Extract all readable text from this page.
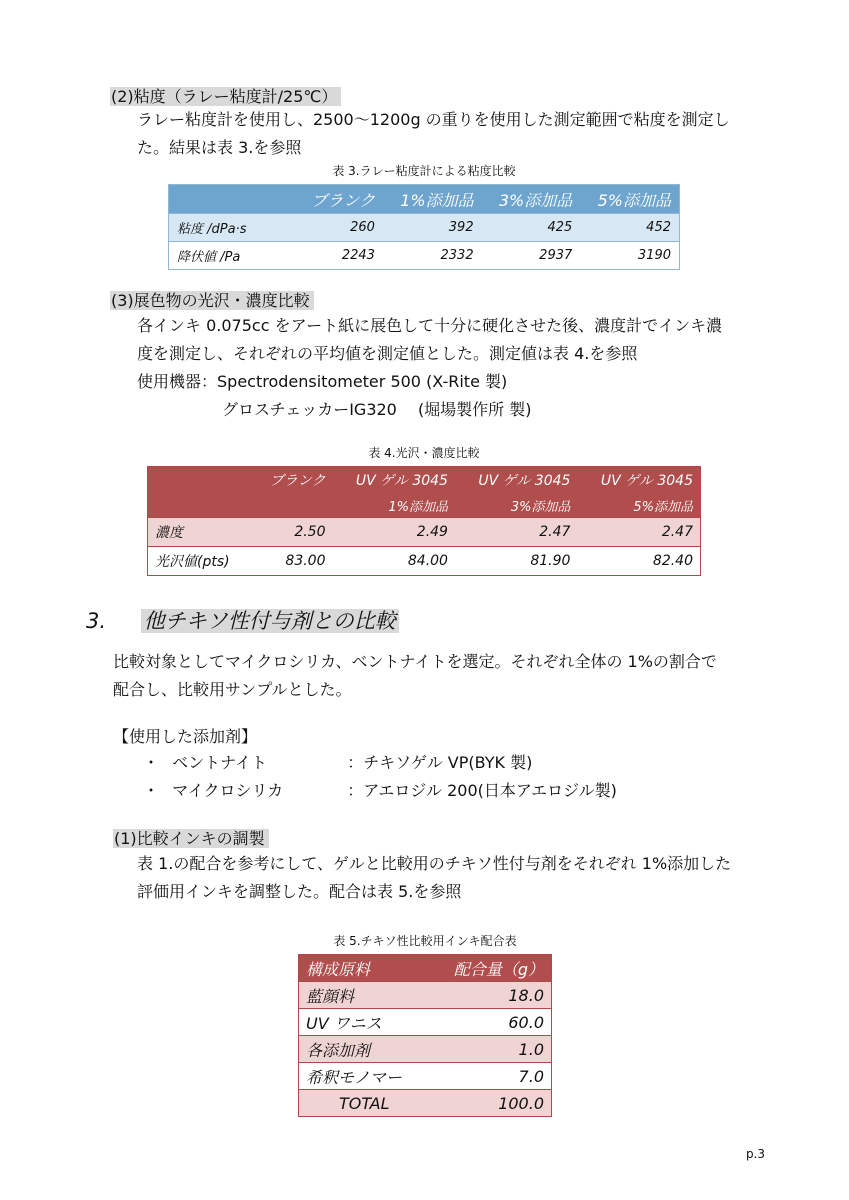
(2)粘度（ラレー粘度計/25℃）
ラレー粘度計を使用し、2500～1200g の重りを使用した測定範囲で粘度を測定し
た。結果は表 3.を参照
表 3.ラレー粘度計による粘度比較
	ブランク	1%添加品	3%添加品	5%添加品
粘度 /dPa·s	260	392	425	452
降伏値 /Pa	2243	2332	2937	3190
(3)展色物の光沢・濃度比較
各インキ 0.075cc をアート紙に展色して十分に硬化させた後、濃度計でインキ濃
度を測定し、それぞれの平均値を測定値とした。測定値は表 4.を参照
使用機器：Spectrodensitometer 500 (X-Rite 製)
グロスチェッカーIG320　 (堀場製作所 製)
表 4.光沢・濃度比較
	ブランク	UV ゲル 3045	UV ゲル 3045	UV ゲル 3045
		1%添加品	3%添加品	5%添加品
濃度	2.50	2.49	2.47	2.47
光沢値(pts)	83.00	84.00	81.90	82.40
3. 他チキソ性付与剤との比較
比較対象としてマイクロシリカ、ベントナイトを選定。それぞれ全体の 1%の割合で
配合し、比較用サンプルとした。
【使用した添加剤】
・ ベントナイト	：チキソゲル VP(BYK 製)
・ マイクロシリカ	：アエロジル 200(日本アエロジル製)
(1)比較インキの調製
表 1.の配合を参考にして、ゲルと比較用のチキソ性付与剤をそれぞれ 1%添加した
評価用インキを調整した。配合は表 5.を参照
表 5.チキソ性比較用インキ配合表
構成原料	配合量（g）
藍顔料	18.0
UV ワニス	60.0
各添加剤	1.0
希釈モノマー	7.0
TOTAL	100.0
p.3
